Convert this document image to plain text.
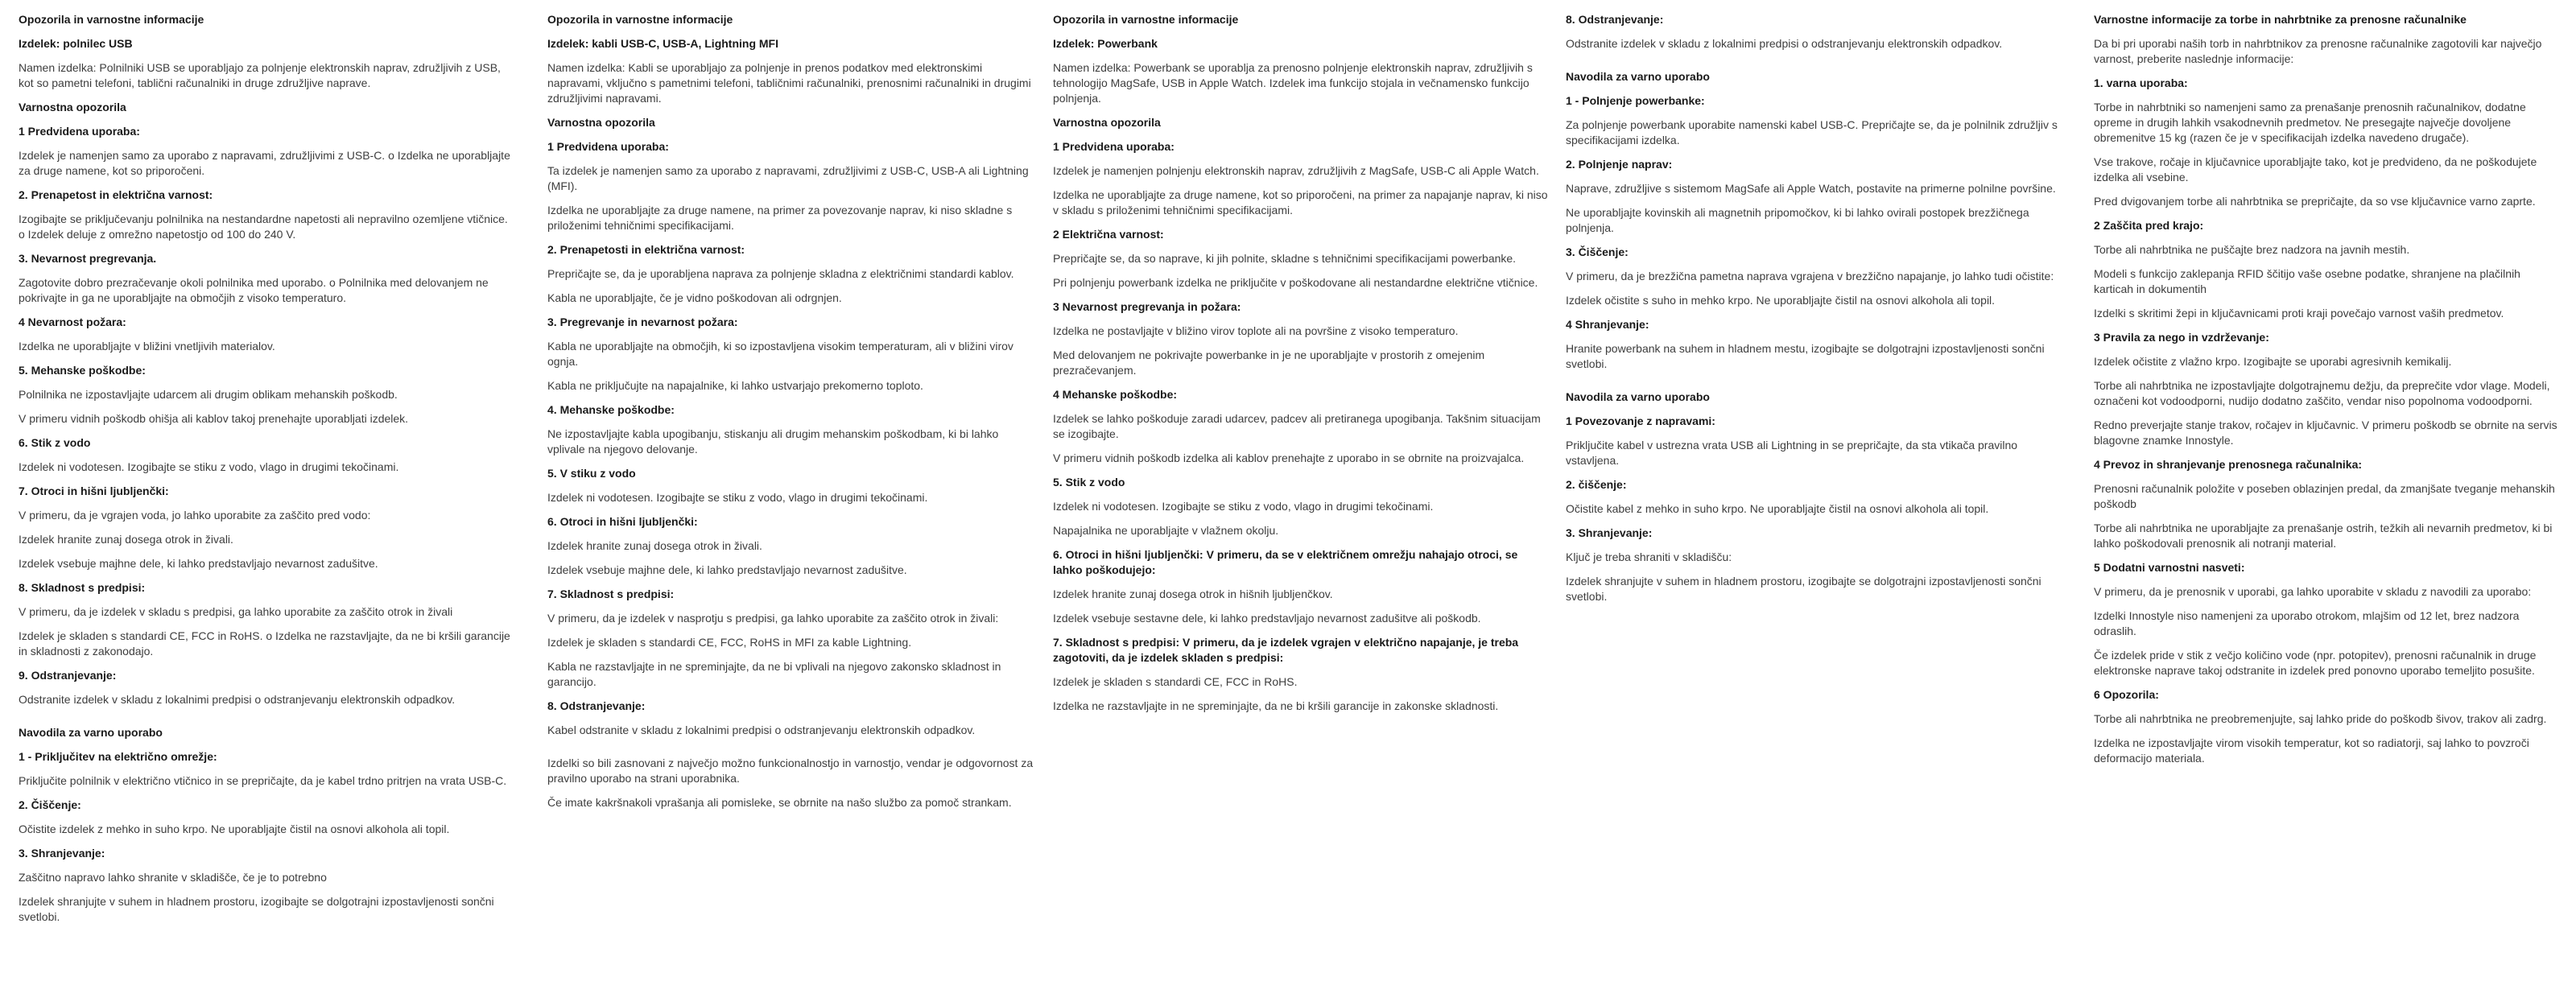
Opozorila in varnostne informacije
Izdelek: polnilec USB
Namen izdelka: Polnilniki USB se uporabljajo za polnjenje elektronskih naprav, združljivih z USB, kot so pametni telefoni, tablični računalniki in druge združljive naprave.
Varnostna opozorila
1 Predvidena uporaba:
Izdelek je namenjen samo za uporabo z napravami, združljivimi z USB-C. o Izdelka ne uporabljajte za druge namene, kot so priporočeni.
2. Prenapetost in električna varnost:
Izogibajte se priključevanju polnilnika na nestandardne napetosti ali nepravilno ozemljene vtičnice. o Izdelek deluje z omrežno napetostjo od 100 do 240 V.
3. Nevarnost pregrevanja.
Zagotovite dobro prezračevanje okoli polnilnika med uporabo. o Polnilnika med delovanjem ne pokrivajte in ga ne uporabljajte na območjih z visoko temperaturo.
4 Nevarnost požara:
Izdelka ne uporabljajte v bližini vnetljivih materialov.
5. Mehanske poškodbe:
Polnilnika ne izpostavljajte udarcem ali drugim oblikam mehanskih poškodb.
V primeru vidnih poškodb ohišja ali kablov takoj prenehajte uporabljati izdelek.
6. Stik z vodo
Izdelek ni vodotesen. Izogibajte se stiku z vodo, vlago in drugimi tekočinami.
7. Otroci in hišni ljubljenčki:
V primeru, da je vgrajen voda, jo lahko uporabite za zaščito pred vodo:
Izdelek hranite zunaj dosega otrok in živali.
Izdelek vsebuje majhne dele, ki lahko predstavljajo nevarnost zadušitve.
8. Skladnost s predpisi:
V primeru, da je izdelek v skladu s predpisi, ga lahko uporabite za zaščito otrok in živali
Izdelek je skladen s standardi CE, FCC in RoHS. o Izdelka ne razstavljajte, da ne bi kršili garancije in skladnosti z zakonodajo.
9. Odstranjevanje:
Odstranite izdelek v skladu z lokalnimi predpisi o odstranjevanju elektronskih odpadkov.
Navodila za varno uporabo
1 - Priključitev na električno omrežje:
Priključite polnilnik v električno vtičnico in se prepričajte, da je kabel trdno pritrjen na vrata USB-C.
2. Čiščenje:
Očistite izdelek z mehko in suho krpo. Ne uporabljajte čistil na osnovi alkohola ali topil.
3. Shranjevanje:
Zaščitno napravo lahko shranite v skladišče, če je to potrebno
Izdelek shranjujte v suhem in hladnem prostoru, izogibajte se dolgotrajni izpostavljenosti sončni svetlobi.
Opozorila in varnostne informacije
Izdelek: kabli USB-C, USB-A, Lightning MFI
Namen izdelka: Kabli se uporabljajo za polnjenje in prenos podatkov med elektronskimi napravami, vključno s pametnimi telefoni, tabličnimi računalniki, prenosnimi računalniki in drugimi združljivimi napravami.
Varnostna opozorila
1 Predvidena uporaba:
Ta izdelek je namenjen samo za uporabo z napravami, združljivimi z USB-C, USB-A ali Lightning (MFI).
Izdelka ne uporabljajte za druge namene, na primer za povezovanje naprav, ki niso skladne s priloženimi tehničnimi specifikacijami.
2. Prenapetosti in električna varnost:
Prepričajte se, da je uporabljena naprava za polnjenje skladna z električnimi standardi kablov.
Kabla ne uporabljajte, če je vidno poškodovan ali odrgnjen.
3. Pregrevanje in nevarnost požara:
Kabla ne uporabljajte na območjih, ki so izpostavljena visokim temperaturam, ali v bližini virov ognja.
Kabla ne priključujte na napajalnike, ki lahko ustvarjajo prekomerno toploto.
4. Mehanske poškodbe:
Ne izpostavljajte kabla upogibanju, stiskanju ali drugim mehanskim poškodbam, ki bi lahko vplivale na njegovo delovanje.
5. V stiku z vodo
Izdelek ni vodotesen. Izogibajte se stiku z vodo, vlago in drugimi tekočinami.
6. Otroci in hišni ljubljenčki:
Izdelek hranite zunaj dosega otrok in živali.
Izdelek vsebuje majhne dele, ki lahko predstavljajo nevarnost zadušitve.
7. Skladnost s predpisi:
V primeru, da je izdelek v nasprotju s predpisi, ga lahko uporabite za zaščito otrok in živali:
Izdelek je skladen s standardi CE, FCC, RoHS in MFI za kable Lightning.
Kabla ne razstavljajte in ne spreminjajte, da ne bi vplivali na njegovo zakonsko skladnost in garancijo.
8. Odstranjevanje:
Kabel odstranite v skladu z lokalnimi predpisi o odstranjevanju elektronskih odpadkov.
Izdelki so bili zasnovani z največjo možno funkcionalnostjo in varnostjo, vendar je odgovornost za pravilno uporabo na strani uporabnika.
Če imate kakršnakoli vprašanja ali pomisleke, se obrnite na našo službo za pomoč strankam.
Opozorila in varnostne informacije
Izdelek: Powerbank
Namen izdelka: Powerbank se uporablja za prenosno polnjenje elektronskih naprav, združljivih s tehnologijo MagSafe, USB in Apple Watch. Izdelek ima funkcijo stojala in večnamensko funkcijo polnjenja.
Varnostna opozorila
1 Predvidena uporaba:
Izdelek je namenjen polnjenju elektronskih naprav, združljivih z MagSafe, USB-C ali Apple Watch.
Izdelka ne uporabljajte za druge namene, kot so priporočeni, na primer za napajanje naprav, ki niso v skladu s priloženimi tehničnimi specifikacijami.
2 Električna varnost:
Prepričajte se, da so naprave, ki jih polnite, skladne s tehničnimi specifikacijami powerbanke.
Pri polnjenju powerbank izdelka ne priključite v poškodovane ali nestandardne električne vtičnice.
3 Nevarnost pregrevanja in požara:
Izdelka ne postavljajte v bližino virov toplote ali na površine z visoko temperaturo.
Med delovanjem ne pokrivajte powerbanke in je ne uporabljajte v prostorih z omejenim prezračevanjem.
4 Mehanske poškodbe:
Izdelek se lahko poškoduje zaradi udarcev, padcev ali pretiranega upogibanja. Takšnim situacijam se izogibajte.
V primeru vidnih poškodb izdelka ali kablov prenehajte z uporabo in se obrnite na proizvajalca.
5. Stik z vodo
Izdelek ni vodotesen. Izogibajte se stiku z vodo, vlago in drugimi tekočinami.
Napajalnika ne uporabljajte v vlažnem okolju.
6. Otroci in hišni ljubljenčki: V primeru, da se v električnem omrežju nahajajo otroci, se lahko poškodujejo:
Izdelek hranite zunaj dosega otrok in hišnih ljubljenčkov.
Izdelek vsebuje sestavne dele, ki lahko predstavljajo nevarnost zadušitve ali poškodb.
7. Skladnost s predpisi: V primeru, da je izdelek vgrajen v električno napajanje, je treba zagotoviti, da je izdelek skladen s predpisi:
Izdelek je skladen s standardi CE, FCC in RoHS.
Izdelka ne razstavljajte in ne spreminjajte, da ne bi kršili garancije in zakonske skladnosti.
8. Odstranjevanje:
Odstranite izdelek v skladu z lokalnimi predpisi o odstranjevanju elektronskih odpadkov.
Navodila za varno uporabo
1 - Polnjenje powerbanke:
Za polnjenje powerbank uporabite namenski kabel USB-C. Prepričajte se, da je polnilnik združljiv s specifikacijami izdelka.
2. Polnjenje naprav:
Naprave, združljive s sistemom MagSafe ali Apple Watch, postavite na primerne polnilne površine.
Ne uporabljajte kovinskih ali magnetnih pripomočkov, ki bi lahko ovirali postopek brezžičnega polnjenja.
3. Čiščenje:
V primeru, da je brezžična pametna naprava vgrajena v brezžično napajanje, jo lahko tudi očistite:
Izdelek očistite s suho in mehko krpo. Ne uporabljajte čistil na osnovi alkohola ali topil.
4 Shranjevanje:
Hranite powerbank na suhem in hladnem mestu, izogibajte se dolgotrajni izpostavljenosti sončni svetlobi.
Navodila za varno uporabo
1 Povezovanje z napravami:
Priključite kabel v ustrezna vrata USB ali Lightning in se prepričajte, da sta vtikača pravilno vstavljena.
2. čiščenje:
Očistite kabel z mehko in suho krpo. Ne uporabljajte čistil na osnovi alkohola ali topil.
3. Shranjevanje:
Ključ je treba shraniti v skladišču:
Izdelek shranjujte v suhem in hladnem prostoru, izogibajte se dolgotrajni izpostavljenosti sončni svetlobi.
Varnostne informacije za torbe in nahrbtnike za prenosne računalnike
Da bi pri uporabi naših torb in nahrbtnikov za prenosne računalnike zagotovili kar največjo varnost, preberite naslednje informacije:
1. varna uporaba:
Torbe in nahrbtniki so namenjeni samo za prenašanje prenosnih računalnikov, dodatne opreme in drugih lahkih vsakodnevnih predmetov. Ne presegajte največje dovoljene obremenitve 15 kg (razen če je v specifikacijah izdelka navedeno drugače).
Vse trakove, ročaje in ključavnice uporabljajte tako, kot je predvideno, da ne poškodujete izdelka ali vsebine.
Pred dvigovanjem torbe ali nahrbtnika se prepričajte, da so vse ključavnice varno zaprte.
2 Zaščita pred krajo:
Torbe ali nahrbtnika ne puščajte brez nadzora na javnih mestih.
Modeli s funkcijo zaklepanja RFID ščitijo vaše osebne podatke, shranjene na plačilnih karticah in dokumentih
Izdelki s skritimi žepi in ključavnicami proti kraji povečajo varnost vaših predmetov.
3 Pravila za nego in vzdrževanje:
Izdelek očistite z vlažno krpo. Izogibajte se uporabi agresivnih kemikalij.
Torbe ali nahrbtnika ne izpostavljajte dolgotrajnemu dežju, da preprečite vdor vlage. Modeli, označeni kot vodoodporni, nudijo dodatno zaščito, vendar niso popolnoma vodoodporni.
Redno preverjajte stanje trakov, ročajev in ključavnic. V primeru poškodb se obrnite na servis blagovne znamke Innostyle.
4 Prevoz in shranjevanje prenosnega računalnika:
Prenosni računalnik položite v poseben oblazinjen predal, da zmanjšate tveganje mehanskih poškodb
Torbe ali nahrbtnika ne uporabljajte za prenašanje ostrih, težkih ali nevarnih predmetov, ki bi lahko poškodovali prenosnik ali notranji material.
5 Dodatni varnostni nasveti:
V primeru, da je prenosnik v uporabi, ga lahko uporabite v skladu z navodili za uporabo:
Izdelki Innostyle niso namenjeni za uporabo otrokom, mlajšim od 12 let, brez nadzora odraslih.
Če izdelek pride v stik z večjo količino vode (npr. potopitev), prenosni računalnik in druge elektronske naprave takoj odstranite in izdelek pred ponovno uporabo temeljito posušite.
6 Opozorila:
Torbe ali nahrbtnika ne preobremenjujte, saj lahko pride do poškodb šivov, trakov ali zadrg.
Izdelka ne izpostavljajte virom visokih temperatur, kot so radiatorji, saj lahko to povzroči deformacijo materiala.
